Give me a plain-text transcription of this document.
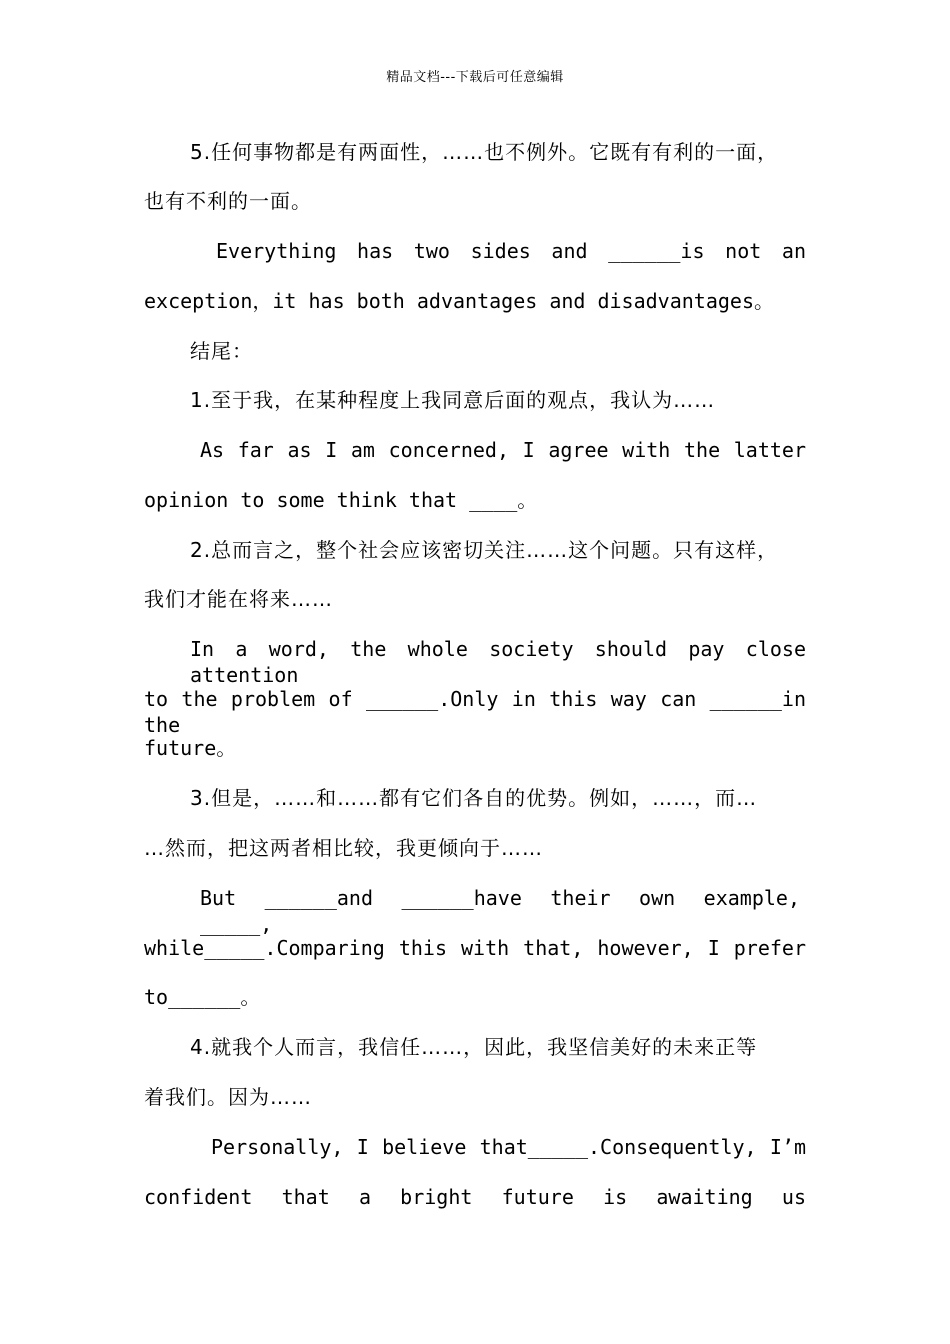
精品文档---下载后可任意编辑
5.任何事物都是有两面性，……也不例外。它既有有利的一面，
也有不利的一面。
Everything has two sides and ______is not an
exception，it has both advantages and disadvantages。
结尾：
1.至于我，在某种程度上我同意后面的观点，我认为……
As far as I am concerned, I agree with the latter
opinion to some think that ____。
2.总而言之，整个社会应该密切关注……这个问题。只有这样，
我们才能在将来……
In a word, the whole society should pay close attention
to the problem of ______.Only in this way can ______in the
future。
3.但是，……和……都有它们各自的优势。例如，……，而…
…然而，把这两者相比较，我更倾向于……
But ______and ______have their own example, _____,
while_____.Comparing this with that, however, I prefer
to______。
4.就我个人而言，我信任……，因此，我坚信美好的未来正等
着我们。因为……
Personally, I believe that_____.Consequently, I’m
confident that a bright future is awaiting us
